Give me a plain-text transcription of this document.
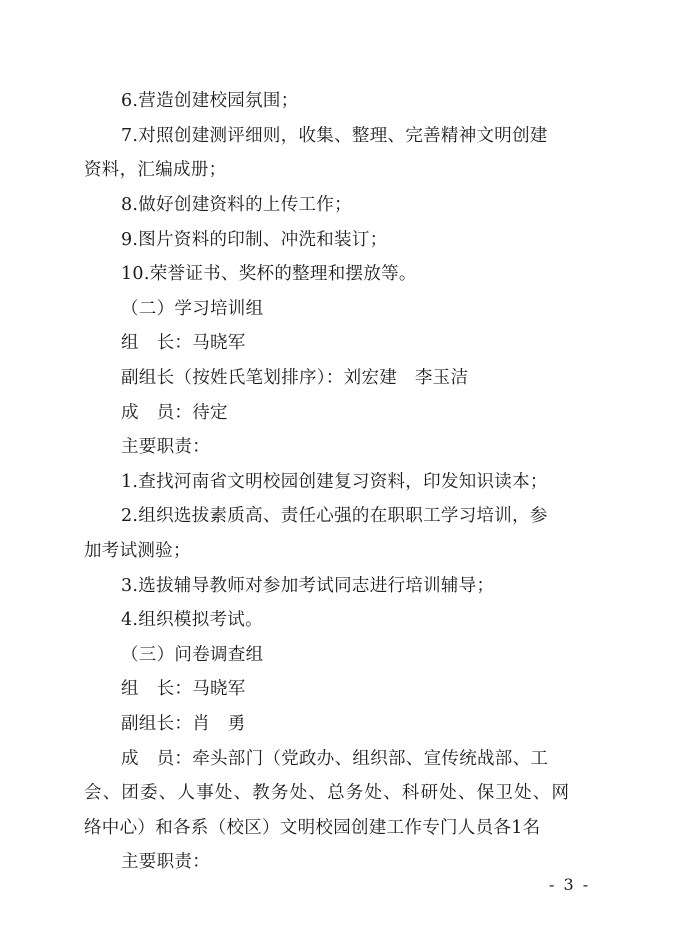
6.营造创建校园氛围；
7.对照创建测评细则，收集、整理、完善精神文明创建
资料，汇编成册；
8.做好创建资料的上传工作；
9.图片资料的印制、冲洗和装订；
10.荣誉证书、奖杯的整理和摆放等。
（二）学习培训组
组　长：马晓军
副组长（按姓氏笔划排序）：刘宏建　李玉洁
成　员：待定
主要职责：
1.查找河南省文明校园创建复习资料，印发知识读本；
2.组织选拔素质高、责任心强的在职职工学习培训，参
加考试测验；
3.选拔辅导教师对参加考试同志进行培训辅导；
4.组织模拟考试。
（三）问卷调查组
组　长：马晓军
副组长：肖　勇
成　员：牵头部门（党政办、组织部、宣传统战部、工
会、团委、人事处、教务处、总务处、科研处、保卫处、网
络中心）和各系（校区）文明校园创建工作专门人员各1名
主要职责：
- 3 -
